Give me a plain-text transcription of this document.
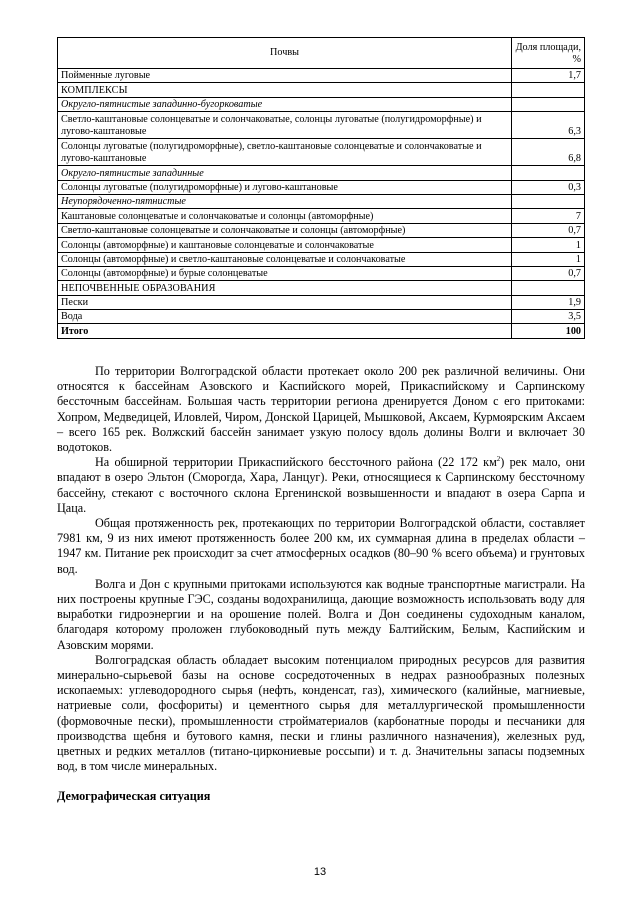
Почвы	Доля площади, %
Пойменные луговые	1,7
КОМПЛЕКСЫ	
Округло-пятнистые западинно-бугорковатые	
Светло-каштановые солонцеватые и солончаковатые, солонцы луговатые (полугидроморфные) и лугово-каштановые	6,3
Солонцы луговатые (полугидроморфные), светло-каштановые солонцеватые и солончаковатые и лугово-каштановые	6,8
Округло-пятнистые западинные	
Солонцы луговатые (полугидроморфные) и лугово-каштановые	0,3
Неупорядоченно-пятнистые	
Каштановые солонцеватые и солончаковатые и солонцы (автоморфные)	7
Светло-каштановые солонцеватые и солончаковатые и солонцы (автоморфные)	0,7
Солонцы (автоморфные) и каштановые солонцеватые и солончаковатые	1
Солонцы (автоморфные) и светло-каштановые солонцеватые и солончаковатые	1
Солонцы (автоморфные) и бурые солонцеватые	0,7
НЕПОЧВЕННЫЕ ОБРАЗОВАНИЯ	
Пески	1,9
Вода	3,5
Итого	100

По территории Волгоградской области протекает около 200 рек различной величины. Они относятся к бассейнам Азовского и Каспийского морей, Прикаспийскому и Сарпинскому бессточным бассейнам. Большая часть территории региона дренируется Доном с его притоками: Хопром, Медведицей, Иловлей, Чиром, Донской Царицей, Мышковой, Аксаем, Курмоярским Аксаем – всего 165 рек. Волжский бассейн занимает узкую полосу вдоль долины Волги и включает 30 водотоков.

На обширной территории Прикаспийского бессточного района (22 172 $км^2$) рек мало, они впадают в озеро Эльтон (Сморогда, Хара, Ланцуг). Реки, относящиеся к Сарпинскому бессточному бассейну, стекают с восточного склона Ергенинской возвышенности и впадают в озера Сарпа и Цаца.

Общая протяженность рек, протекающих по территории Волгоградской области, составляет 7981 км, 9 из них имеют протяженность более 200 км, их суммарная длина в пределах области – 1947 км. Питание рек происходит за счет атмосферных осадков (80–90 % всего объема) и грунтовых вод.

Волга и Дон с крупными притоками используются как водные транспортные магистрали. На них построены крупные ГЭС, созданы водохранилища, дающие возможность использовать воду для выработки гидроэнергии и на орошение полей. Волга и Дон соединены судоходным каналом, благодаря которому проложен глубоководный путь между Балтийским, Белым, Каспийским и Азовским морями.

Волгоградская область обладает высоким потенциалом природных ресурсов для развития минерально-сырьевой базы на основе сосредоточенных в недрах разнообразных полезных ископаемых: углеводородного сырья (нефть, конденсат, газ), химического (калийные, магниевые, натриевые соли, фосфориты) и цементного сырья для металлургической промышленности (формовочные пески), промышленности стройматериалов (карбонатные породы и песчаники для производства щебня и бутового камня, пески и глины различного назначения), железных руд, цветных и редких металлов (титано-циркониевые россыпи) и т. д. Значительны запасы подземных вод, в том числе минеральных.

Демографическая ситуация

13
